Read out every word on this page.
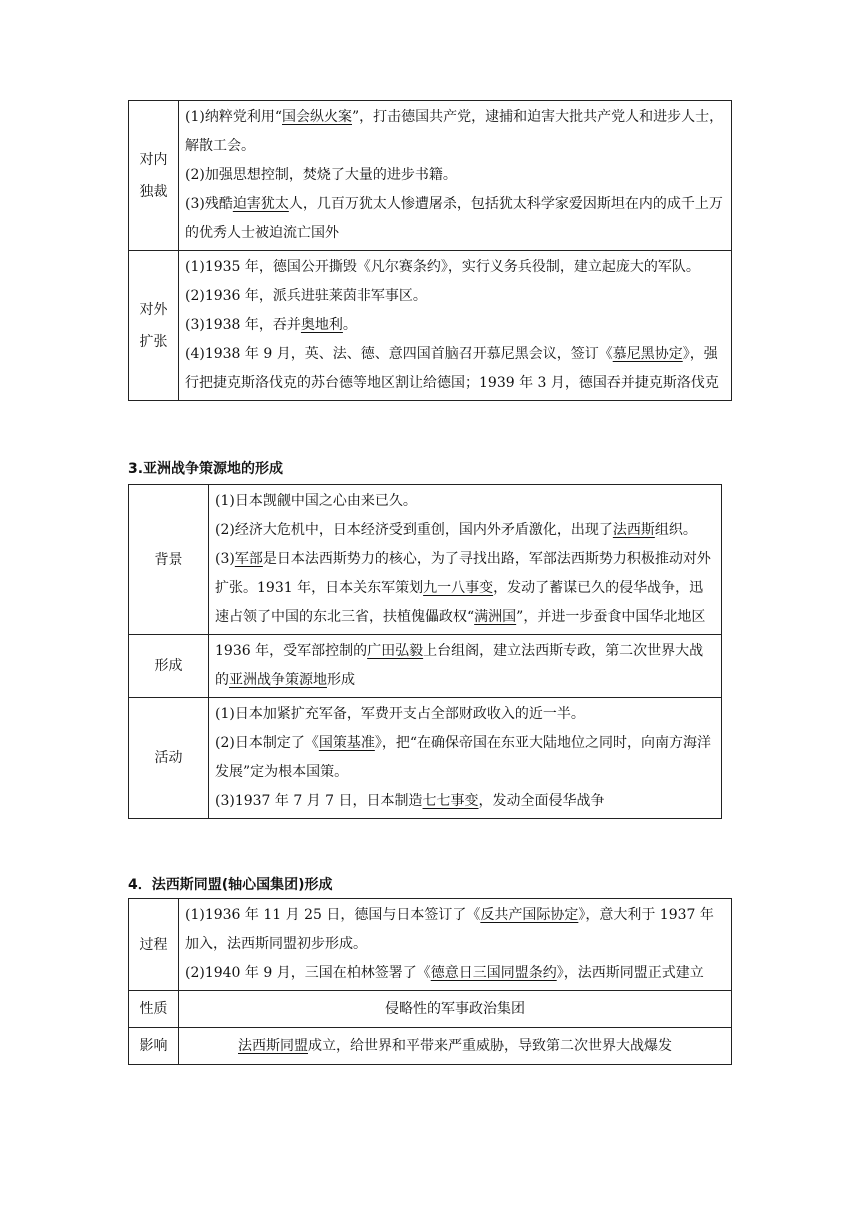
对内独裁	(1)纳粹党利用“国会纵火案”，打击德国共产党，逮捕和迫害大批共产党人和进步人士，解散工会。

(2)加强思想控制，焚烧了大量的进步书籍。

(3)残酷迫害犹太人，几百万犹太人惨遭屠杀，包括犹太科学家爱因斯坦在内的成千上万的优秀人士被迫流亡国外

对外扩张	(1)1935 年，德国公开撕毁《凡尔赛条约》，实行义务兵役制，建立起庞大的军队。

(2)1936 年，派兵进驻莱茵非军事区。

(3)1938 年，吞并奥地利。

(4)1938 年 9 月，英、法、德、意四国首脑召开慕尼黑会议，签订《慕尼黑协定》，强行把捷克斯洛伐克的苏台德等地区割让给德国；1939 年 3 月，德国吞并捷克斯洛伐克

3.亚洲战争策源地的形成

背景	(1)日本觊觎中国之心由来已久。

(2)经济大危机中，日本经济受到重创，国内外矛盾激化，出现了法西斯组织。

(3)军部是日本法西斯势力的核心，为了寻找出路，军部法西斯势力积极推动对外扩张。1931 年，日本关东军策划九一八事变，发动了蓄谋已久的侵华战争，迅速占领了中国的东北三省，扶植傀儡政权“满洲国”，并进一步蚕食中国华北地区

形成	1936 年，受军部控制的广田弘毅上台组阁，建立法西斯专政，第二次世界大战的亚洲战争策源地形成

活动	(1)日本加紧扩充军备，军费开支占全部财政收入的近一半。

(2)日本制定了《国策基准》，把“在确保帝国在东亚大陆地位之同时，向南方海洋发展”定为根本国策。

(3)1937 年 7 月 7 日，日本制造七七事变，发动全面侵华战争

4．法西斯同盟(轴心国集团)形成

过程	(1)1936 年 11 月 25 日，德国与日本签订了《反共产国际协定》，意大利于 1937 年加入，法西斯同盟初步形成。

(2)1940 年 9 月，三国在柏林签署了《德意日三国同盟条约》，法西斯同盟正式建立

性质	侵略性的军事政治集团

影响	法西斯同盟成立，给世界和平带来严重威胁，导致第二次世界大战爆发
